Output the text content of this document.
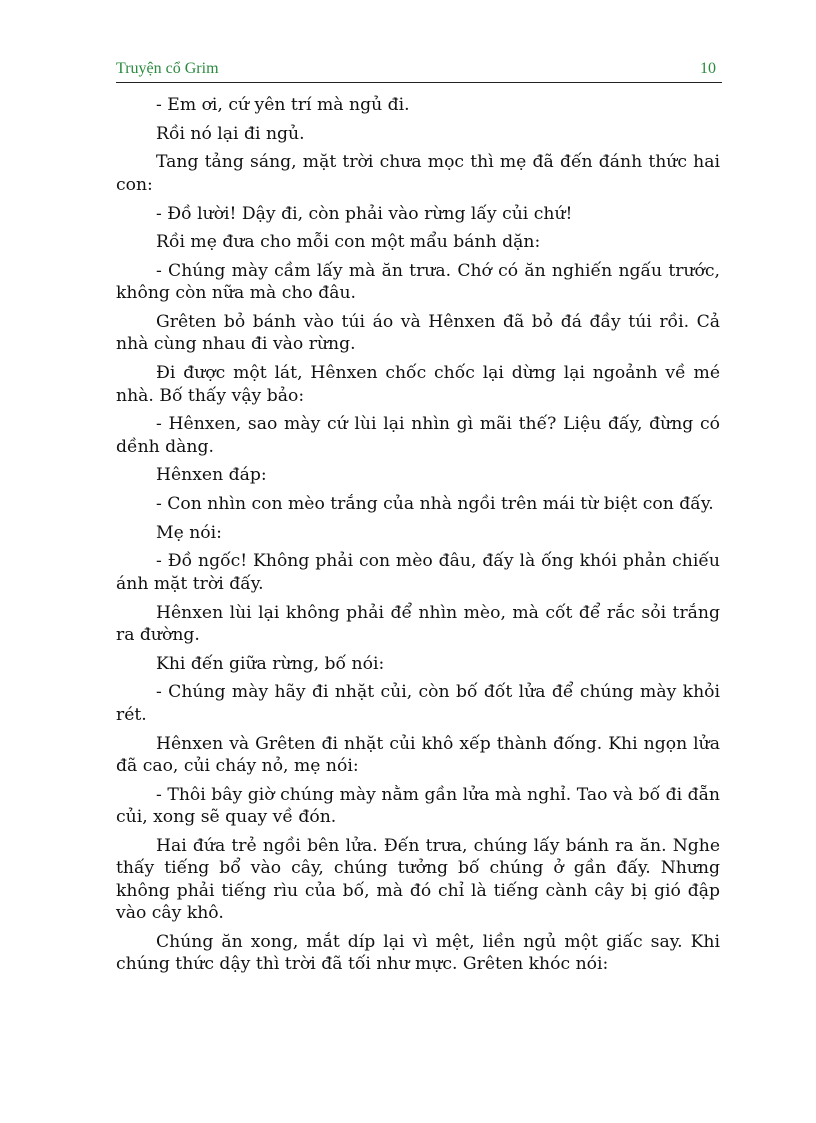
Truyện cổ Grim	10

- Em ơi, cứ yên trí mà ngủ đi.

Rồi nó lại đi ngủ.

Tang tảng sáng, mặt trời chưa mọc thì mẹ đã đến đánh thức hai con:

- Đồ lười! Dậy đi, còn phải vào rừng lấy củi chứ!

Rồi mẹ đưa cho mỗi con một mẩu bánh dặn:

- Chúng mày cầm lấy mà ăn trưa. Chớ có ăn nghiến ngấu trước, không còn nữa mà cho đâu.

Grêten bỏ bánh vào túi áo và Hênxen đã bỏ đá đầy túi rồi. Cả nhà cùng nhau đi vào rừng.

Đi được một lát, Hênxen chốc chốc lại dừng lại ngoảnh về mé nhà. Bố thấy vậy bảo:

- Hênxen, sao mày cứ lùi lại nhìn gì mãi thế? Liệu đấy, đừng có dềnh dàng.

Hênxen đáp:

- Con nhìn con mèo trắng của nhà ngồi trên mái từ biệt con đấy.

Mẹ nói:

- Đồ ngốc! Không phải con mèo đâu, đấy là ống khói phản chiếu ánh mặt trời đấy.

Hênxen lùi lại không phải để nhìn mèo, mà cốt để rắc sỏi trắng ra đường.

Khi đến giữa rừng, bố nói:

- Chúng mày hãy đi nhặt củi, còn bố đốt lửa để chúng mày khỏi rét.

Hênxen và Grêten đi nhặt củi khô xếp thành đống. Khi ngọn lửa đã cao, củi cháy nỏ, mẹ nói:

- Thôi bây giờ chúng mày nằm gần lửa mà nghỉ. Tao và bố đi đẵn củi, xong sẽ quay về đón.

Hai đứa trẻ ngồi bên lửa. Đến trưa, chúng lấy bánh ra ăn. Nghe thấy tiếng bổ vào cây, chúng tưởng bố chúng ở gần đấy. Nhưng không phải tiếng rìu của bố, mà đó chỉ là tiếng cành cây bị gió đập vào cây khô.

Chúng ăn xong, mắt díp lại vì mệt, liền ngủ một giấc say. Khi chúng thức dậy thì trời đã tối như mực. Grêten khóc nói:
